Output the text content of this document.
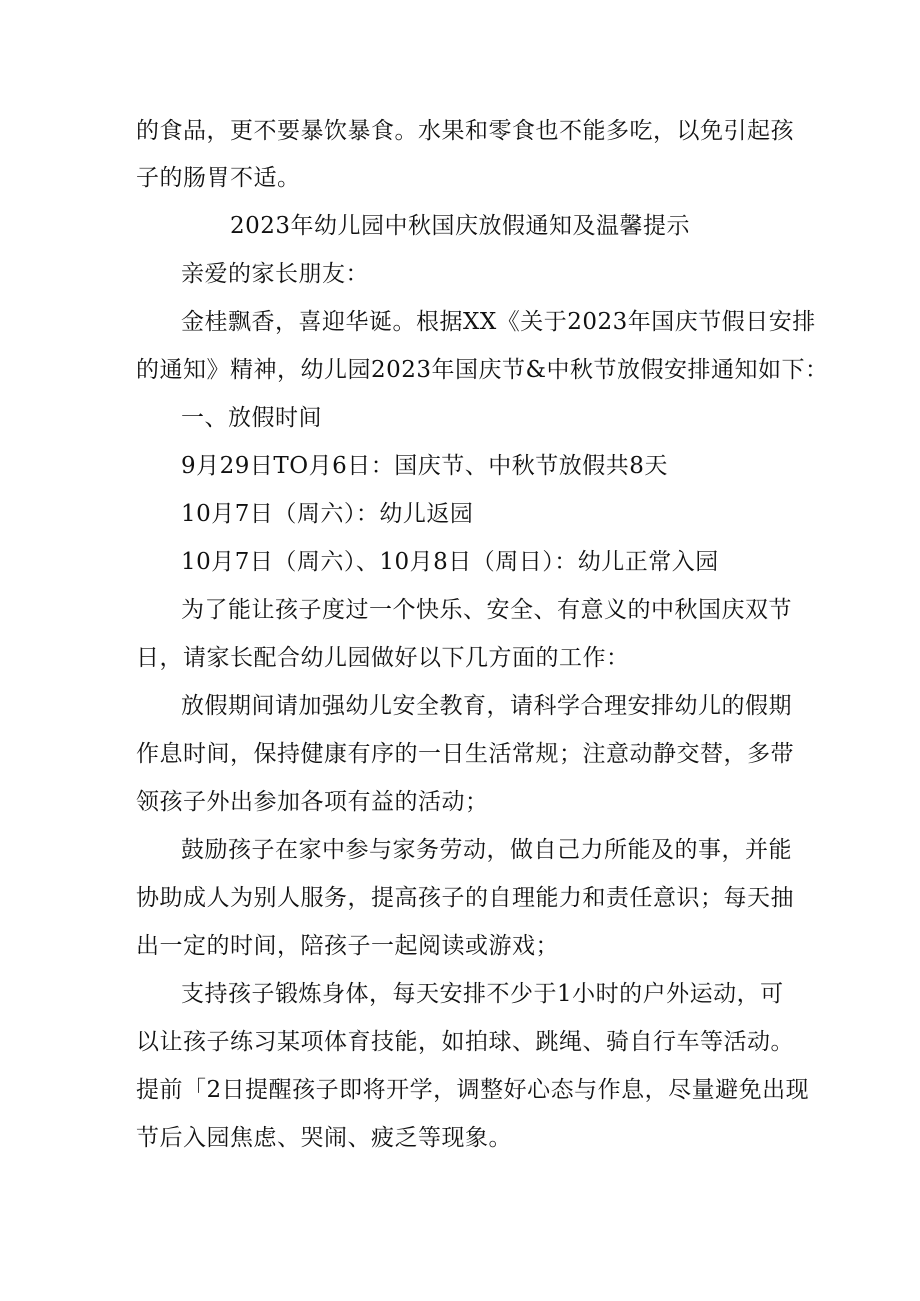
的食品，更不要暴饮暴食。水果和零食也不能多吃，以免引起孩
子的肠胃不适。
2023年幼儿园中秋国庆放假通知及温馨提示
亲爱的家长朋友：
金桂飘香，喜迎华诞。根据XX《关于2023年国庆节假日安排
的通知》精神，幼儿园2023年国庆节&中秋节放假安排通知如下：
一、放假时间
9月29日TO月6日：国庆节、中秋节放假共8天
10月7日（周六）：幼儿返园
10月7日（周六）、10月8日（周日）：幼儿正常入园
为了能让孩子度过一个快乐、安全、有意义的中秋国庆双节
日，请家长配合幼儿园做好以下几方面的工作：
放假期间请加强幼儿安全教育，请科学合理安排幼儿的假期
作息时间，保持健康有序的一日生活常规；注意动静交替，多带
领孩子外出参加各项有益的活动；
鼓励孩子在家中参与家务劳动，做自己力所能及的事，并能
协助成人为别人服务，提高孩子的自理能力和责任意识；每天抽
出一定的时间，陪孩子一起阅读或游戏；
支持孩子锻炼身体，每天安排不少于1小时的户外运动，可
以让孩子练习某项体育技能，如拍球、跳绳、骑自行车等活动。
提前「2日提醒孩子即将开学，调整好心态与作息，尽量避免出现
节后入园焦虑、哭闹、疲乏等现象。
